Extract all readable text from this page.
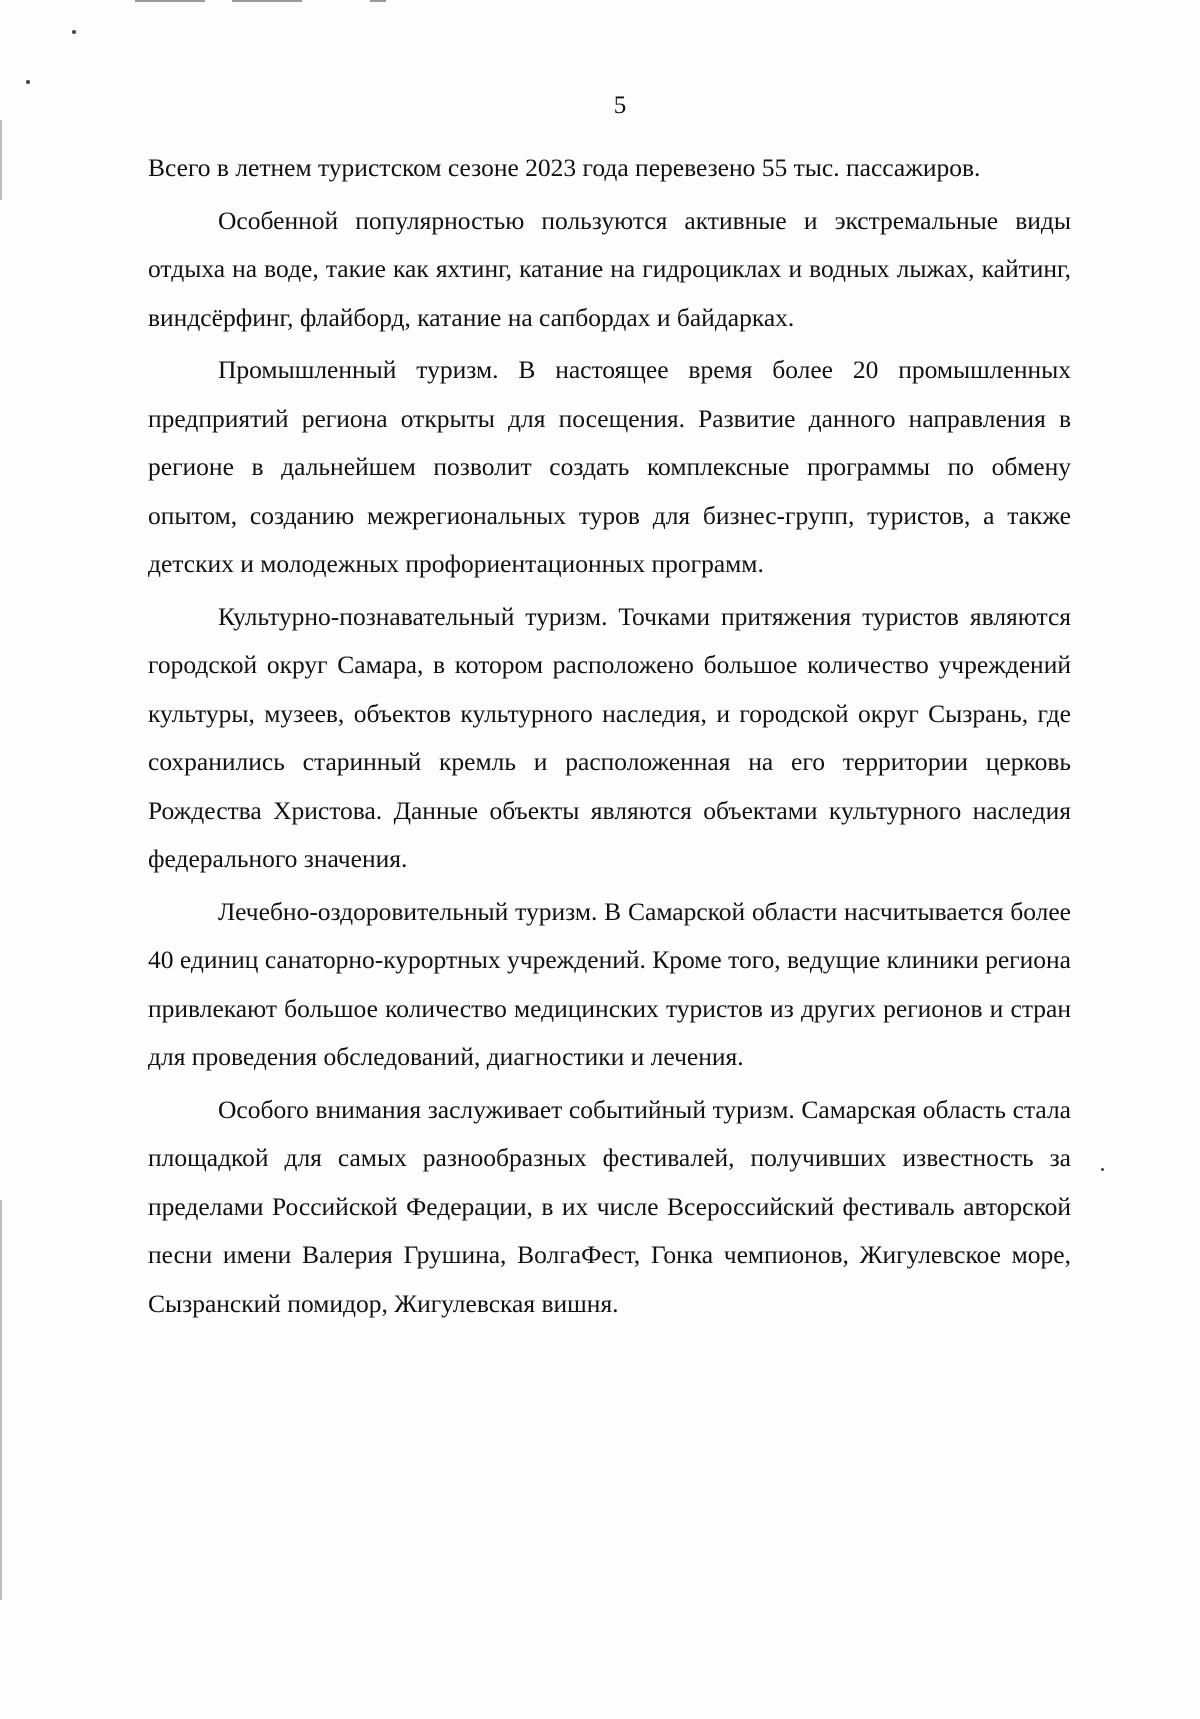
5

Всего в летнем туристском сезоне 2023 года перевезено 55 тыс. пассажиров.

Особенной популярностью пользуются активные и экстремальные виды отдыха на воде, такие как яхтинг, катание на гидроциклах и водных лыжах, кайтинг, виндсёрфинг, флайборд, катание на сапбордах и байдарках.

Промышленный туризм. В настоящее время более 20 промышленных предприятий региона открыты для посещения. Развитие данного направления в регионе в дальнейшем позволит создать комплексные программы по обмену опытом, созданию межрегиональных туров для бизнес-групп, туристов, а также детских и молодежных профориентационных программ.

Культурно-познавательный туризм. Точками притяжения туристов являются городской округ Самара, в котором расположено большое количество учреждений культуры, музеев, объектов культурного наследия, и городской округ Сызрань, где сохранились старинный кремль и расположенная на его территории церковь Рождества Христова. Данные объекты являются объектами культурного наследия федерального значения.

Лечебно-оздоровительный туризм. В Самарской области насчитывается более 40 единиц санаторно-курортных учреждений. Кроме того, ведущие клиники региона привлекают большое количество медицинских туристов из других регионов и стран для проведения обследований, диагностики и лечения.

Особого внимания заслуживает событийный туризм. Самарская область стала площадкой для самых разнообразных фестивалей, получивших известность за пределами Российской Федерации, в их числе Всероссийский фестиваль авторской песни имени Валерия Грушина, ВолгаФест, Гонка чемпионов, Жигулевское море, Сызранский помидор, Жигулевская вишня.
